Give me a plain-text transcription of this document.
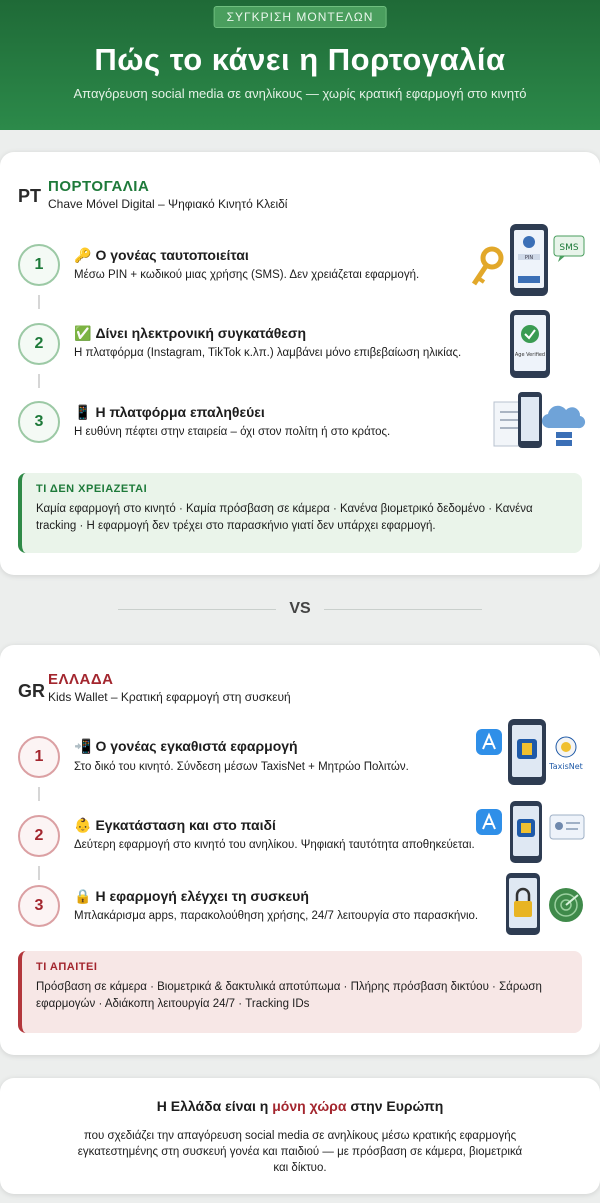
ΣΥΓΚΡΙΣΗ ΜΟΝΤΕΛΩΝ
Πώς το κάνει η Πορτογαλία
Απαγόρευση social media σε ανηλίκους — χωρίς κρατική εφαρμογή στο κινητό
PT ΠΟΡΤΟΓΑΛΙΑ
Chave Móvel Digital – Ψηφιακό Κινητό Κλειδί
1
🔑 Ο γονέας ταυτοποιείται
Μέσω PIN + κωδικού μιας χρήσης (SMS). Δεν χρειάζεται εφαρμογή.
2
✅ Δίνει ηλεκτρονική συγκατάθεση
Η πλατφόρμα (Instagram, TikTok κ.λπ.) λαμβάνει μόνο επιβεβαίωση ηλικίας.
3
📱 Η πλατφόρμα επαληθεύει
Η ευθύνη πέφτει στην εταιρεία – όχι στον πολίτη ή στο κράτος.
PIN
SMS
Age Verified
ΤΙ ΔΕΝ ΧΡΕΙΑΖΕΤΑΙ
Καμία εφαρμογή στο κινητό · Καμία πρόσβαση σε κάμερα · Κανένα βιομετρικό δεδομένο · Κανένα tracking · Η εφαρμογή δεν τρέχει στο παρασκήνιο γιατί δεν υπάρχει εφαρμογή.
VS
GR
ΕΛΛΑΔΑ
Kids Wallet – Κρατική εφαρμογή στη συσκευή
1
📲 Ο γονέας εγκαθιστά εφαρμογή
Στο δικό του κινητό. Σύνδεση μέσων TaxisNet + Μητρώο Πολιτών.
2
👶 Εγκατάσταση και στο παιδί
Δεύτερη εφαρμογή στο κινητό του ανηλίκου. Ψηφιακή ταυτότητα αποθηκεύεται.
3
🔒 Η εφαρμογή ελέγχει τη συσκευή
Μπλακάρισμα apps, παρακολούθηση χρήσης, 24/7 λειτουργία στο παρασκήνιο.
TaxisNet
ΤΙ ΑΠΑΙΤΕΙ
Πρόσβαση σε κάμερα · Βιομετρικά & δακτυλικά αποτύπωμα · Πλήρης πρόσβαση δικτύου · Σάρωση εφαρμογών · Αδιάκοπη λειτουργία 24/7 · Tracking IDs
Η Ελλάδα είναι η μόνη χώρα στην Ευρώπη
που σχεδιάζει την απαγόρευση social media σε ανηλίκους μέσω κρατικής εφαρμογής εγκατεστημένης στη συσκευή γονέα και παιδιού — με πρόσβαση σε κάμερα, βιομετρικά και δίκτυο.
